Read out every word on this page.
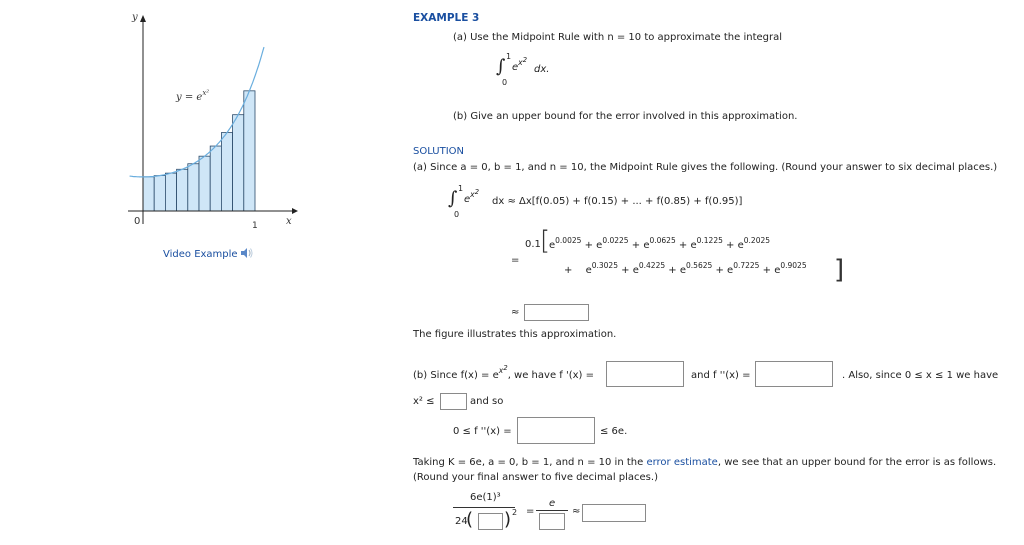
y
x
0	1
$y = e^{x^2}$
Video Example
EXAMPLE 3
(a) Use the Midpoint Rule with n = 10 to approximate the integral
∫ 1
0
$e^{x2}$
dx.
(b) Give an upper bound for the error involved in this approximation.
SOLUTION
(a) Since a = 0, b = 1, and n = 10, the Midpoint Rule gives the following. (Round your answer to six decimal places.)
∫ 1
0
$e^{x2}$
dx ≈ Δx[f(0.05) + f(0.15) + ... + f(0.85) + f(0.95)]
=
0.1 [
]
$e^{0.0025} + e^{0.0225} + e^{0.0625} + e^{0.1225} + e^{0.2025}$
+ $e^{0.3025} + e^{0.4225} + e^{0.5625} + e^{0.7225} + e^{0.9025}$
≈
The figure illustrates this approximation.
(b) Since $f(x) = e^{x2}$, we have f '(x) =	and f ''(x) =	. Also, since 0 ≤ x ≤ 1 we have
x² ≤	and so
0 ≤ f ''(x) =	≤ 6e.
Taking K = 6e, a = 0, b = 1, and n = 10 in the error estimate, we see that an upper bound for the error is as follows.
(Round your final answer to five decimal places.)
6e(1)³
24
( ) 2 =
e
≈
